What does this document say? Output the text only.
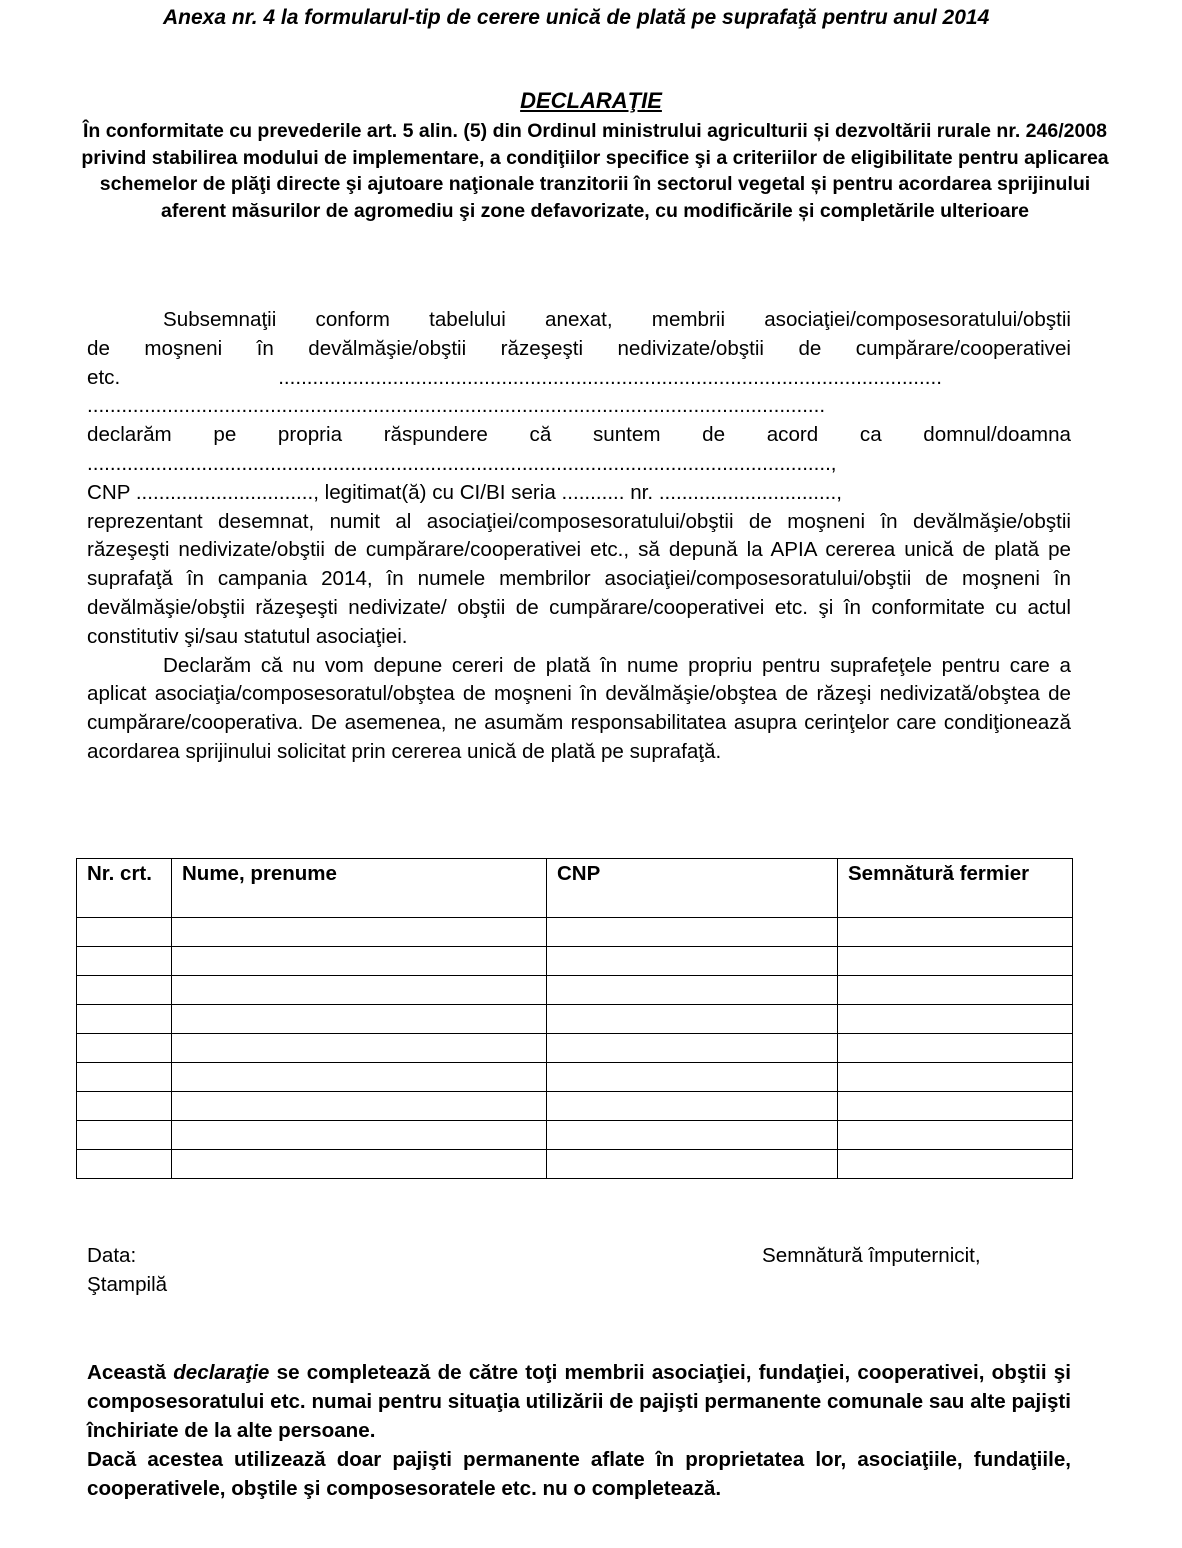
Anexa nr. 4 la formularul-tip de cerere unică de plată pe suprafaţă pentru anul 2014

DECLARAŢIE

În conformitate cu prevederile art. 5 alin. (5) din Ordinul ministrului agriculturii și dezvoltării rurale nr. 246/2008 privind stabilirea modului de implementare, a condiţiilor specifice şi a criteriilor de eligibilitate pentru aplicarea schemelor de plăţi directe şi ajutoare naţionale tranzitorii în sectorul vegetal și pentru acordarea sprijinului aferent măsurilor de agromediu şi zone defavorizate, cu modificările și completările ulterioare

Subsemnaţii conform tabelului anexat, membrii asociaţiei/composesoratului/obştii
de moşneni în devălmăşie/obştii răzeşeşti nedivizate/obştii de cumpărare/cooperativei
etc.	....................................................................................................................
.................................................................................................................................
declarăm pe propria răspundere că suntem de acord ca domnul/doamna
..................................................................................................................................,
CNP ..............................., legitimat(ă) cu CI/BI seria ........... nr. ...............................,
reprezentant desemnat, numit al asociaţiei/composesoratului/obştii de moşneni în devălmăşie/obştii răzeşeşti nedivizate/obştii de cumpărare/cooperativei etc., să depună la APIA cererea unică de plată pe suprafaţă în campania 2014, în numele membrilor asociaţiei/composesoratului/obştii de moşneni în devălmăşie/obştii răzeşeşti nedivizate/ obştii de cumpărare/cooperativei etc. şi în conformitate cu actul constitutiv şi/sau statutul asociaţiei.
Declarăm că nu vom depune cereri de plată în nume propriu pentru suprafeţele pentru care a aplicat asociaţia/composesoratul/obştea de moşneni în devălmăşie/obştea de răzeşi nedivizată/obştea de cumpărare/cooperativa. De asemenea, ne asumăm responsabilitatea asupra cerinţelor care condiţionează acordarea sprijinului solicitat prin cererea unică de plată pe suprafaţă.
Nr. crt.	Nume, prenume	CNP	Semnătură fermier

Data:
Ştampilă
Semnătură împuternicit,
Această declaraţie se completează de către toţi membrii asociaţiei, fundaţiei, cooperativei, obştii şi composesoratului etc. numai pentru situaţia utilizării de pajişti permanente comunale sau alte pajişti închiriate de la alte persoane.
Dacă acestea utilizează doar pajişti permanente aflate în proprietatea lor, asociaţiile, fundaţiile, cooperativele, obştile şi composesoratele etc. nu o completează.
